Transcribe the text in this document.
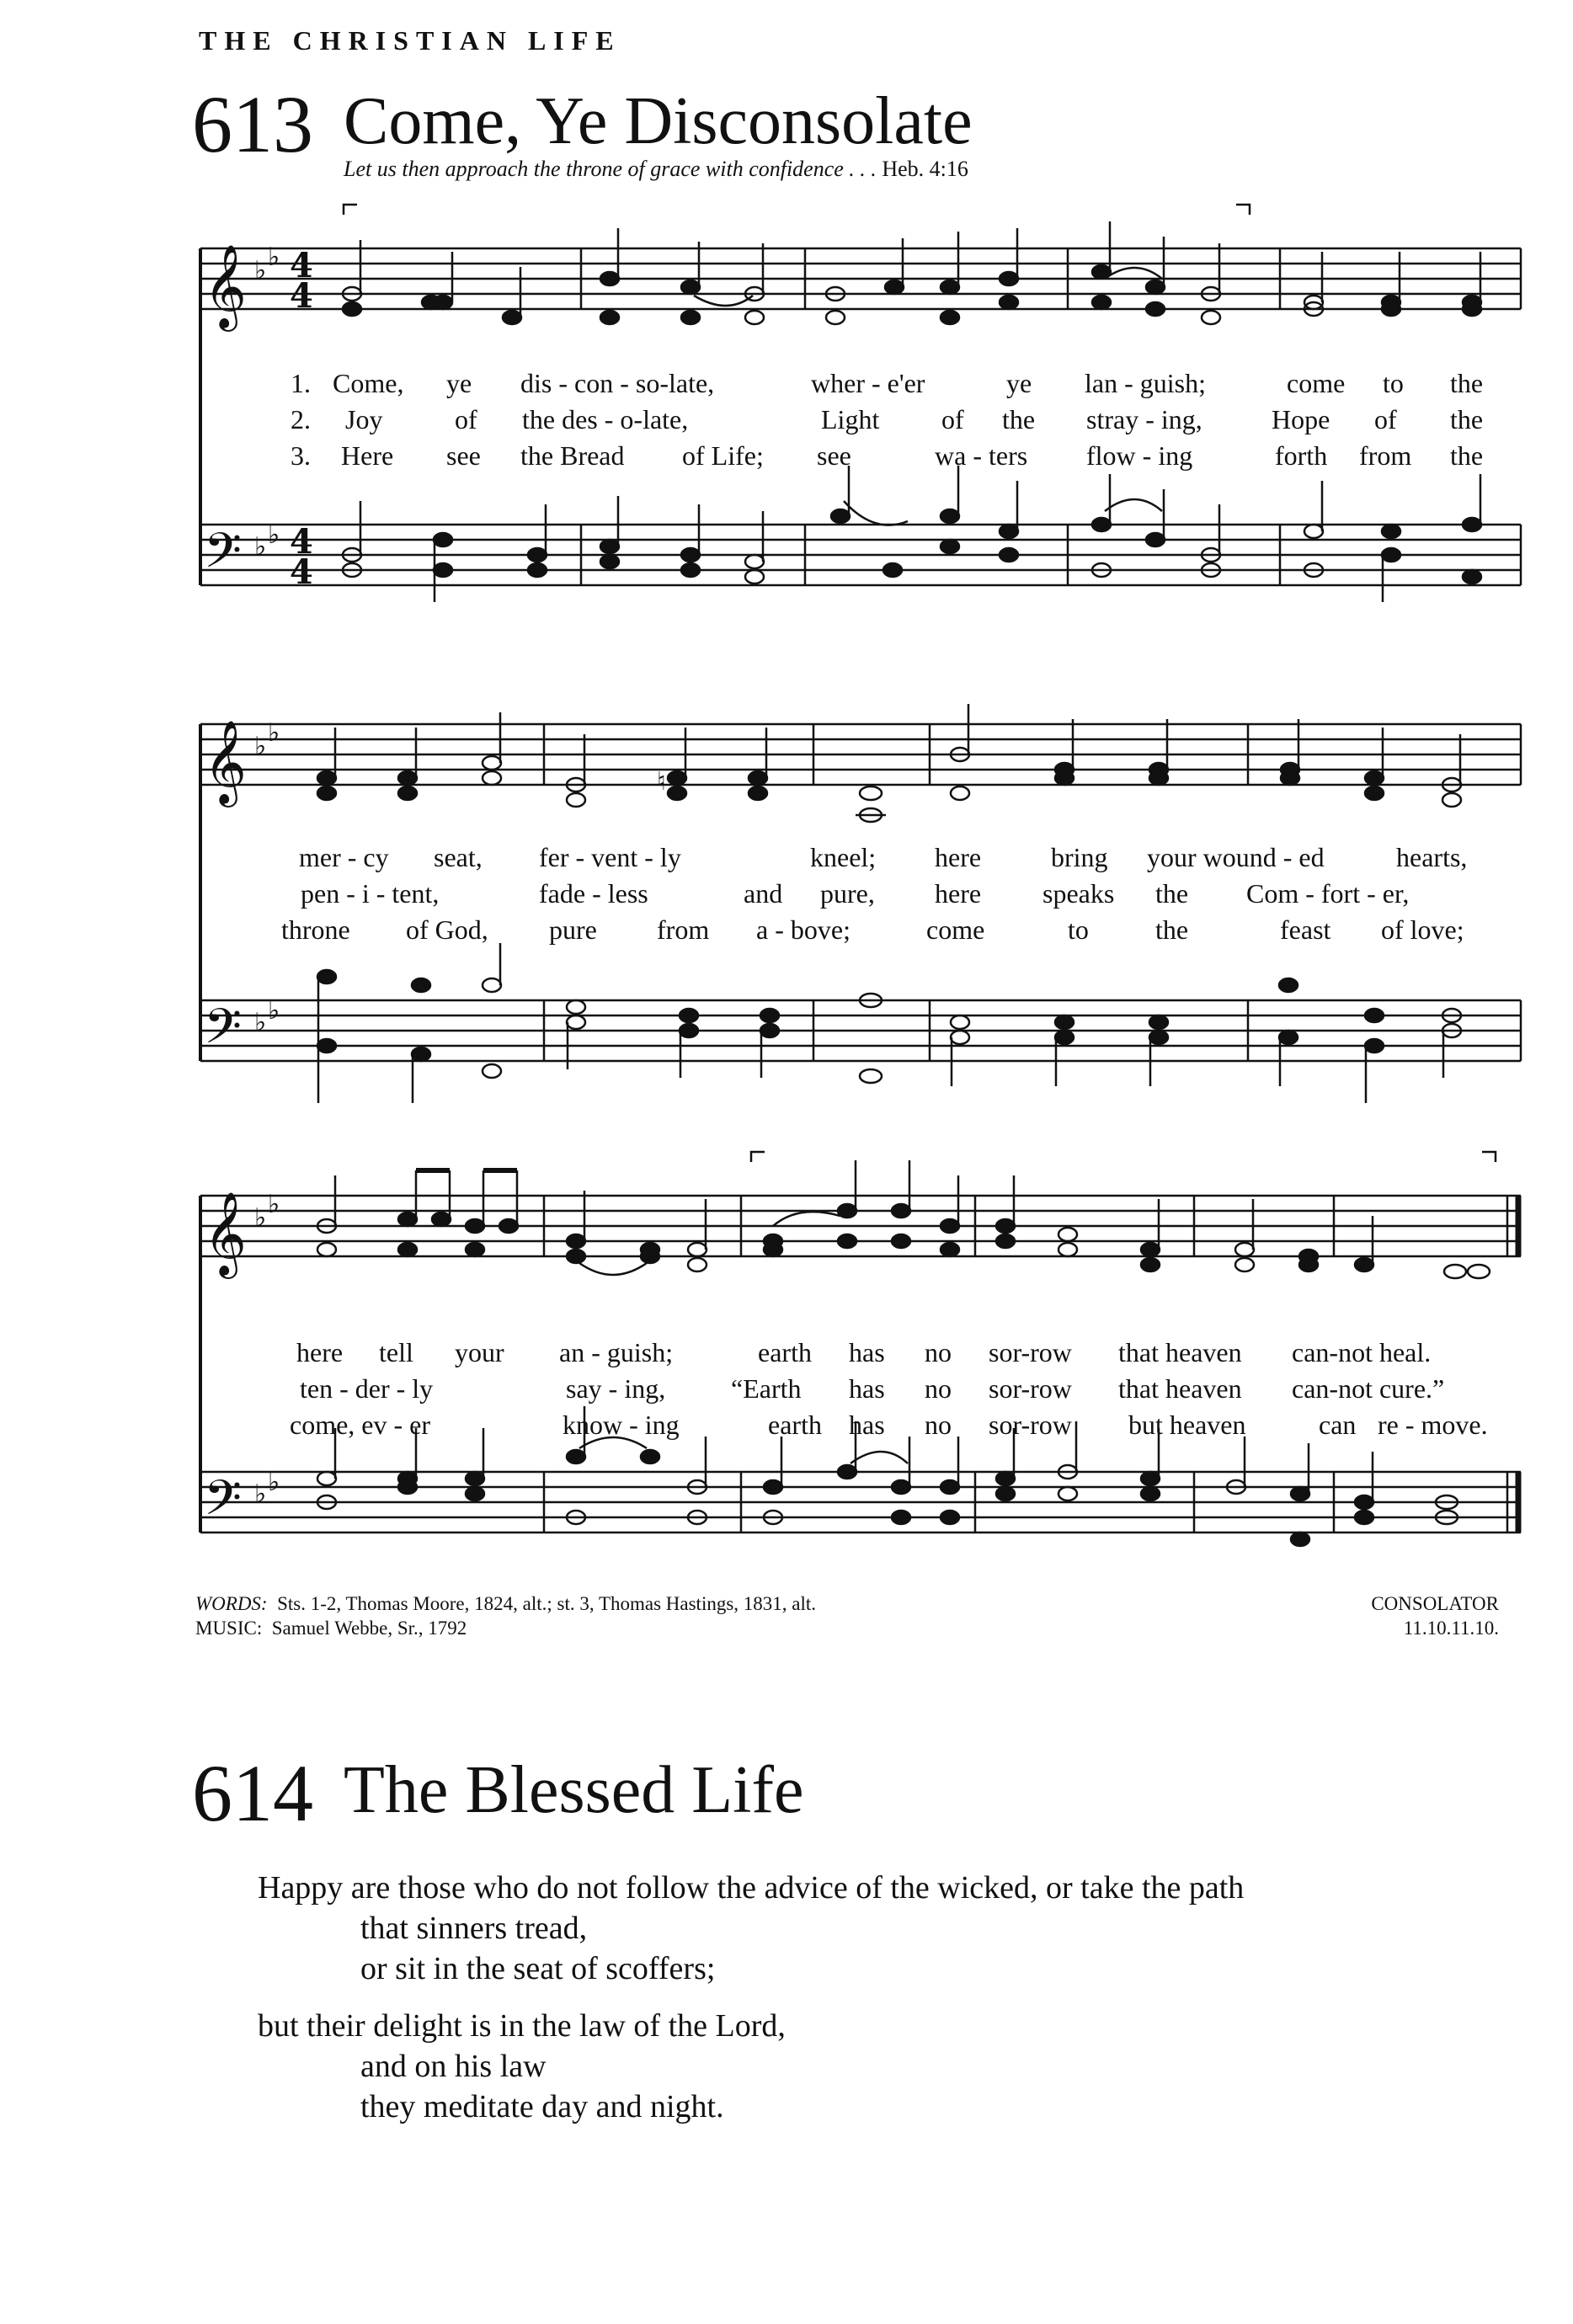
THE CHRISTIAN LIFE
613 Come, Ye Disconsolate
Let us then approach the throne of grace with confidence . . . Heb. 4:16
𝄞
𝄢
♭ ♭
♭ ♭
4
4
4
4
1.
2.
3.
Come, ye dis - con - so-late,	wher - e'er	ye lan - guish;	come to the
Joy	of the des - o-late,	Light of the stray - ing,	Hope of the
Here see the Bread of Life; see	wa - ters flow - ing	forth from the
𝄞
𝄢
♭ ♭
♭ ♭
♮
mer - cy seat, fer - vent - ly	kneel; here	bring your wound - ed	hearts,
pen - i - tent,	fade - less	and pure, here speaks the Com - fort - er,
throne of God, pure from a - bove;	come	to the	feast of love;
𝄞
𝄢
♭ ♭
♭ ♭
here tell your an - guish;	earth has no sor-row that heaven can-not heal.
ten - der - ly	say - ing, “Earth has no sor-row that heaven can-not cure.”
come, ev - er	know - ing	earth has no sor-row but heaven	can re - move.
WORDS: Sts. 1-2, Thomas Moore, 1824, alt.; st. 3, Thomas Hastings, 1831, alt.
MUSIC: Samuel Webbe, Sr., 1792
CONSOLATOR
11.10.11.10.
614 The Blessed Life
Happy are those who do not follow the advice of the wicked, or take the path
that sinners tread,
or sit in the seat of scoffers;
but their delight is in the law of the Lord,
and on his law
they meditate day and night.
